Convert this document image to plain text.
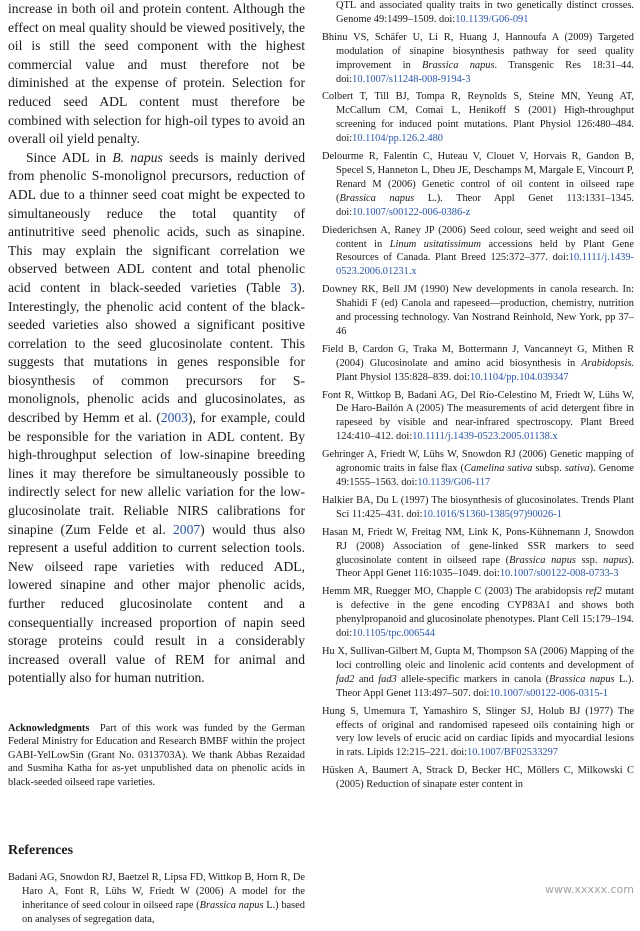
increase in both oil and protein content. Although the effect on meal quality should be viewed positively, the oil is still the seed component with the highest commercial value and must therefore not be diminished at the expense of protein. Selection for reduced seed ADL content must therefore be combined with selection for high-oil types to avoid an overall oil yield penalty.

Since ADL in B. napus seeds is mainly derived from phenolic S-monolignol precursors, reduction of ADL due to a thinner seed coat might be expected to simultaneously reduce the total quantity of antinutritive seed phenolic acids, such as sinapine. This may explain the significant correlation we observed between ADL content and total phenolic acid content in black-seeded varieties (Table 3). Interestingly, the phenolic acid content of the black-seeded varieties also showed a significant positive correlation to the seed glucosinolate content. This suggests that mutations in genes responsible for biosynthesis of common precursors for S-monolignols, phenolic acids and glucosinolates, as described by Hemm et al. (2003), for example, could be responsible for the variation in ADL content. By high-throughput selection of low-sinapine breeding lines it may therefore be simultaneously possible to indirectly select for new allelic variation for the low-glucosinolate trait. Reliable NIRS calibrations for sinapine (Zum Felde et al. 2007) would thus also represent a useful addition to current selection tools. New oilseed rape varieties with reduced ADL, lowered sinapine and other major phenolic acids, further reduced glucosinolate content and a consequentially increased proportion of napin seed storage proteins could result in a considerably increased overall value of REM for animal and potentially also for human nutrition.

Acknowledgments Part of this work was funded by the German Federal Ministry for Education and Research BMBF within the project GABI-YelLowSin (Grant No. 0313703A). We thank Abbas Rezaidad and Susmiha Katha for as-yet unpublished data on phenolic acids in black-seeded oilseed rape varieties.
References

Badani AG, Snowdon RJ, Baetzel R, Lipsa FD, Wittkop B, Horn R, De Haro A, Font R, Lühs W, Friedt W (2006) A model for the inheritance of seed colour in oilseed rape (Brassica napus L.) based on analyses of segregation data,

QTL and associated quality traits in two genetically distinct crosses. Genome 49:1499–1509. doi:10.1139/G06-091

Bhinu VS, Schäfer U, Li R, Huang J, Hannoufa A (2009) Targeted modulation of sinapine biosynthesis pathway for seed quality improvement in Brassica napus. Transgenic Res 18:31–44. doi:10.1007/s11248-008-9194-3

Colbert T, Till BJ, Tompa R, Reynolds S, Steine MN, Yeung AT, McCallum CM, Comai L, Henikoff S (2001) High-throughput screening for induced point mutations. Plant Physiol 126:480–484. doi:10.1104/pp.126.2.480

Delourme R, Falentin C, Huteau V, Clouet V, Horvais R, Gandon B, Specel S, Hanneton L, Dheu JE, Deschamps M, Margale E, Vincourt P, Renard M (2006) Genetic control of oil content in oilseed rape (Brassica napus L.). Theor Appl Genet 113:1331–1345. doi:10.1007/s00122-006-0386-z

Diederichsen A, Raney JP (2006) Seed colour, seed weight and seed oil content in Linum usitatissimum accessions held by Plant Gene Resources of Canada. Plant Breed 125:372–377. doi:10.1111/j.1439-0523.2006.01231.x

Downey RK, Bell JM (1990) New developments in canola research. In: Shahidi F (ed) Canola and rapeseed—production, chemistry, nutrition and processing technology. Van Nostrand Reinhold, New York, pp 37–46

Field B, Cardon G, Traka M, Bottermann J, Vancanneyt G, Mithen R (2004) Glucosinolate and amino acid biosynthesis in Arabidopsis. Plant Physiol 135:828–839. doi:10.1104/pp.104.039347

Font R, Wittkop B, Badani AG, Del Río-Celestino M, Friedt W, Lühs W, De Haro-Bailón A (2005) The measurements of acid detergent fibre in rapeseed by visible and near-infrared spectroscopy. Plant Breed 124:410–412. doi:10.1111/j.1439-0523.2005.01138.x

Gehringer A, Friedt W, Lühs W, Snowdon RJ (2006) Genetic mapping of agronomic traits in false flax (Camelina sativa subsp. sativa). Genome 49:1555–1563. doi:10.1139/G06-117

Halkier BA, Du L (1997) The biosynthesis of glucosinolates. Trends Plant Sci 11:425–431. doi:10.1016/S1360-1385(97)90026-1

Hasan M, Friedt W, Freitag NM, Link K, Pons-Kühnemann J, Snowdon RJ (2008) Association of gene-linked SSR markers to seed glucosinolate content in oilseed rape (Brassica napus ssp. napus). Theor Appl Genet 116:1035–1049. doi:10.1007/s00122-008-0733-3

Hemm MR, Ruegger MO, Chapple C (2003) The arabidopsis ref2 mutant is defective in the gene encoding CYP83A1 and shows both phenylpropanoid and glucosinolate phenotypes. Plant Cell 15:179–194. doi:10.1105/tpc.006544

Hu X, Sullivan-Gilbert M, Gupta M, Thompson SA (2006) Mapping of the loci controlling oleic and linolenic acid contents and development of fad2 and fad3 allele-specific markers in canola (Brassica napus L.). Theor Appl Genet 113:497–507. doi:10.1007/s00122-006-0315-1

Hung S, Umemura T, Yamashiro S, Slinger SJ, Holub BJ (1977) The effects of original and randomised rapeseed oils containing high or very low levels of erucic acid on cardiac lipids and myocardial lesions in rats. Lipids 12:215–221. doi:10.1007/BF02533297

Hüsken A, Baumert A, Strack D, Becker HC, Möllers C, Milkowski C (2005) Reduction of sinapate ester content in

www.xxxxx.com
